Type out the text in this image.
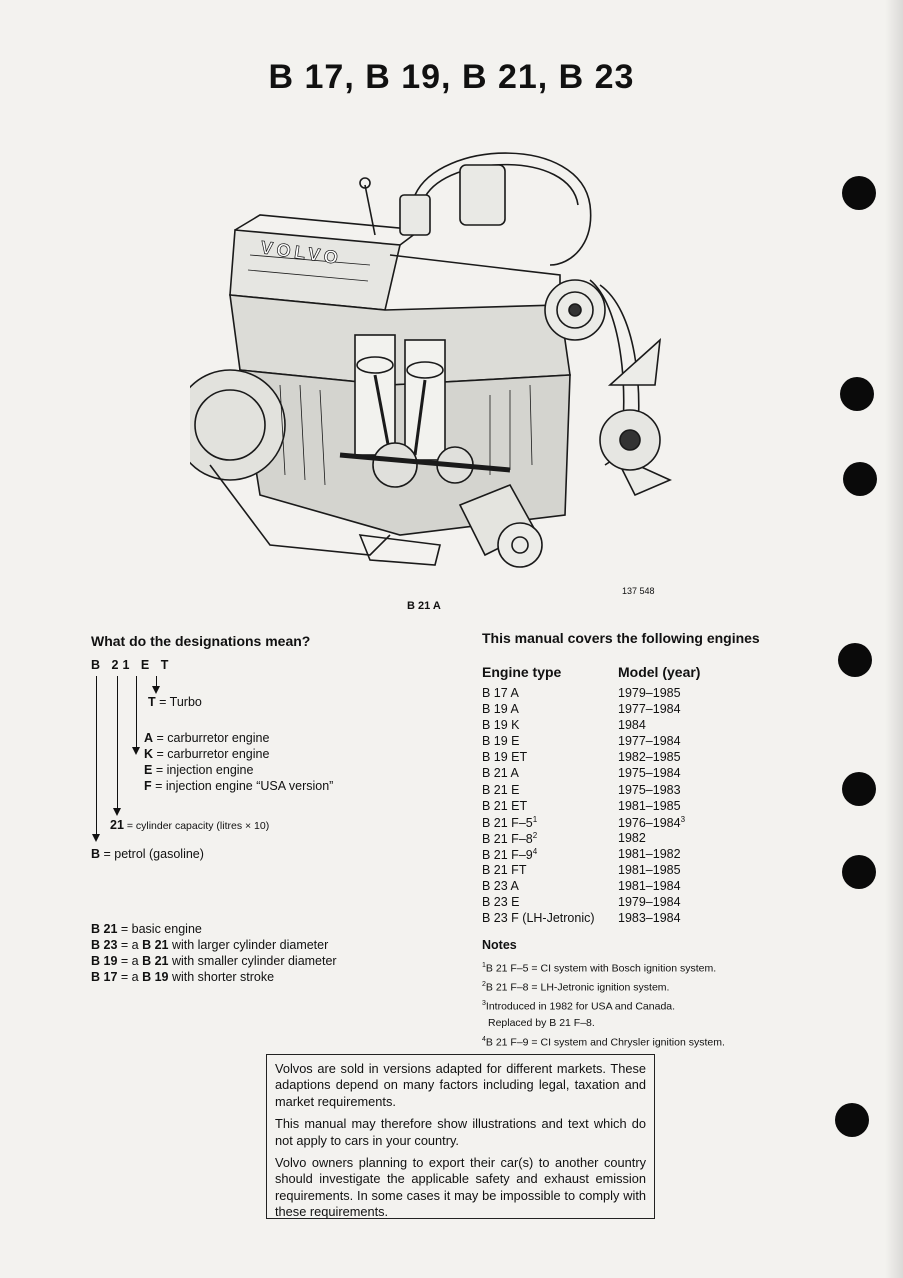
B 17, B 19, B 21, B 23
VOLVO
137 548
B 21 A
What do the designations mean?
B 21 E T
T = Turbo
A = carburretor engine
K = carburretor engine
E = injection engine
F = injection engine “USA version”
21 = cylinder capacity (litres × 10)
B = petrol (gasoline)
B 21 = basic engine
B 23 = a B 21 with larger cylinder diameter
B 19 = a B 21 with smaller cylinder diameter
B 17 = a B 19 with shorter stroke
This manual covers the following engines
Engine type	Model (year)
B 17 A	1979–1985
B 19 A	1977–1984
B 19 K	1984
B 19 E	1977–1984
B 19 ET	1982–1985
B 21 A	1975–1984
B 21 E	1975–1983
B 21 ET	1981–1985
B 21 $F-5^1$	1976–1984$^3$
B 21 $F-8^2$	1982
B 21 $F-9^4$	1981–1982
B 21 FT	1981–1985
B 23 A	1981–1984
B 23 E	1979–1984
B 23 F (LH-Jetronic)	1983–1984
Notes
$^1$B 21 F–5 = CI system with Bosch ignition system.
$^2$B 21 F–8 = LH-Jetronic ignition system.
$^3$Introduced in 1982 for USA and Canada.
Replaced by B 21 F–8.
$^4$B 21 F–9 = CI system and Chrysler ignition system.

Volvos are sold in versions adapted for different markets. These adaptions depend on many factors including legal, taxation and market requirements.

This manual may therefore show illustrations and text which do not apply to cars in your country.

Volvo owners planning to export their car(s) to another country should investigate the applicable safety and exhaust emission requirements. In some cases it may be impossible to comply with these requirements.
